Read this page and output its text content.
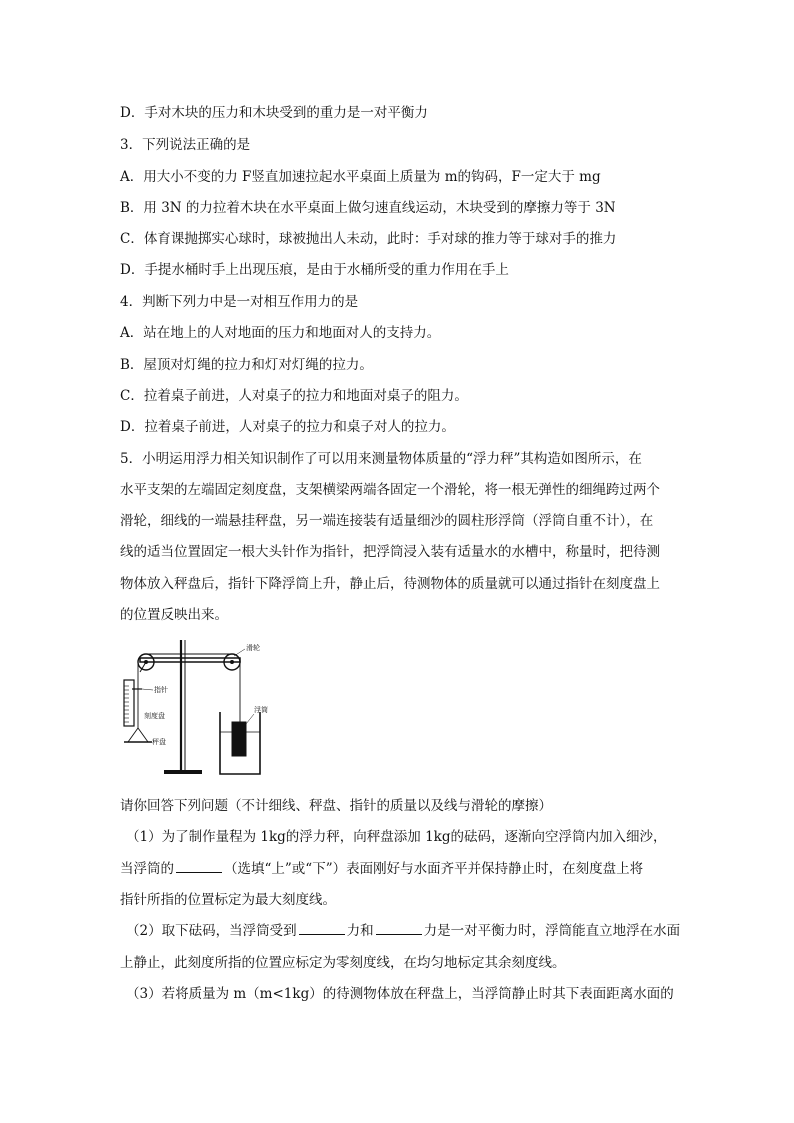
D．手对木块的压力和木块受到的重力是一对平衡力
3．下列说法正确的是
A．用大小不变的力 F竖直加速拉起水平桌面上质量为 m的钩码，F一定大于 mg
B．用 3N 的力拉着木块在水平桌面上做匀速直线运动，木块受到的摩擦力等于 3N
C．体育课抛掷实心球时，球被抛出人未动，此时：手对球的推力等于球对手的推力
D．手提水桶时手上出现压痕，是由于水桶所受的重力作用在手上
4．判断下列力中是一对相互作用力的是
A．站在地上的人对地面的压力和地面对人的支持力。
B．屋顶对灯绳的拉力和灯对灯绳的拉力。
C．拉着桌子前进，人对桌子的拉力和地面对桌子的阻力。
D．拉着桌子前进，人对桌子的拉力和桌子对人的拉力。
5．小明运用浮力相关知识制作了可以用来测量物体质量的“浮力秤”其构造如图所示，在
水平支架的左端固定刻度盘，支架横梁两端各固定一个滑轮，将一根无弹性的细绳跨过两个
滑轮，细线的一端悬挂秤盘，另一端连接装有适量细沙的圆柱形浮筒（浮筒自重不计），在
线的适当位置固定一根大头针作为指针，把浮筒浸入装有适量水的水槽中，称量时，把待测
物体放入秤盘后，指针下降浮筒上升，静止后，待测物体的质量就可以通过指针在刻度盘上
的位置反映出来。
滑轮
指针
刻度盘
秤盘
浮筒
请你回答下列问题（不计细线、秤盘、指针的质量以及线与滑轮的摩擦）
（1）为了制作量程为 1kg的浮力秤，向秤盘添加 1kg的砝码，逐渐向空浮筒内加入细沙，
当浮筒的	（选填“上”或“下”）表面刚好与水面齐平并保持静止时，在刻度盘上将
指针所指的位置标定为最大刻度线。
（2）取下砝码，当浮筒受到	力和	力是一对平衡力时，浮筒能直立地浮在水面
上静止，此刻度所指的位置应标定为零刻度线，在均匀地标定其余刻度线。
（3）若将质量为 m（m<1kg）的待测物体放在秤盘上，当浮筒静止时其下表面距离水面的
